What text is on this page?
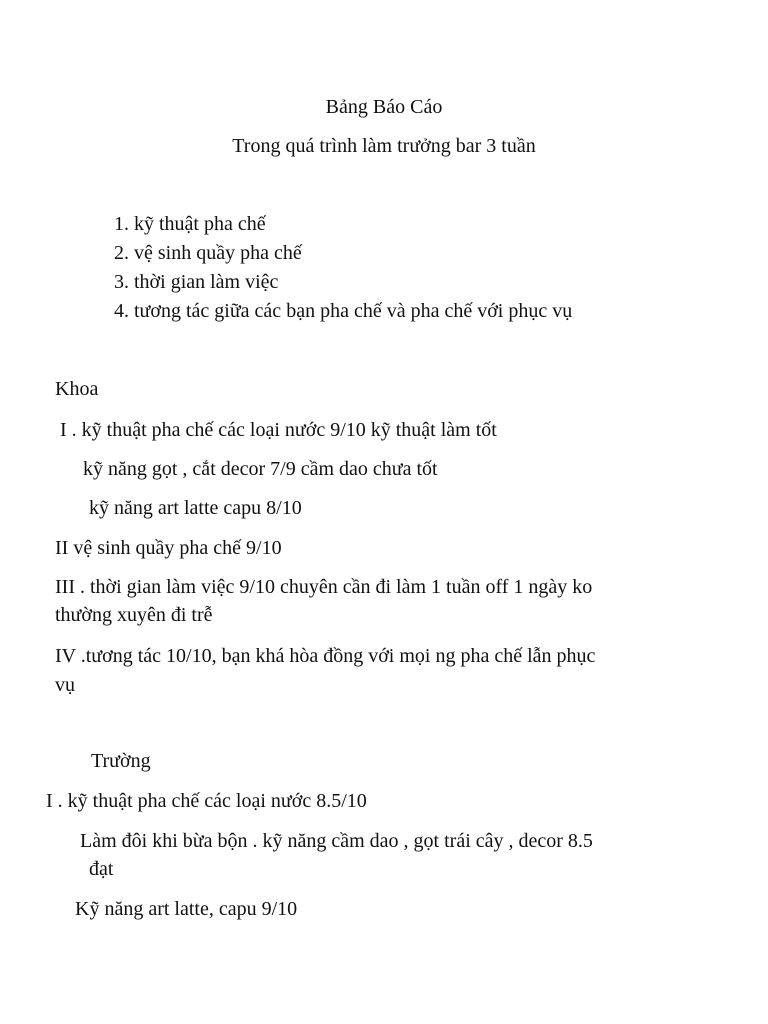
Bảng Báo Cáo
Trong quá trình làm trưởng bar 3 tuần
1. kỹ thuật pha chế
2. vệ sinh quầy pha chế
3. thời gian làm việc
4. tương tác giữa các bạn pha chế và pha chế với phục vụ
Khoa
I . kỹ thuật pha chế các loại nước 9/10 kỹ thuật làm tốt
kỹ năng gọt , cắt decor 7/9 cầm dao chưa tốt
kỹ năng art latte capu 8/10
II vệ sinh quầy pha chế 9/10
III . thời gian làm việc 9/10 chuyên cần đi làm 1 tuần off 1 ngày ko
thường xuyên đi trễ
IV .tương tác 10/10, bạn khá hòa đồng với mọi ng pha chế lẫn phục
vụ
Trường
I . kỹ thuật pha chế các loại nước 8.5/10
Làm đôi khi bừa bộn . kỹ năng cầm dao , gọt trái cây , decor 8.5
đạt
Kỹ năng art latte, capu 9/10
